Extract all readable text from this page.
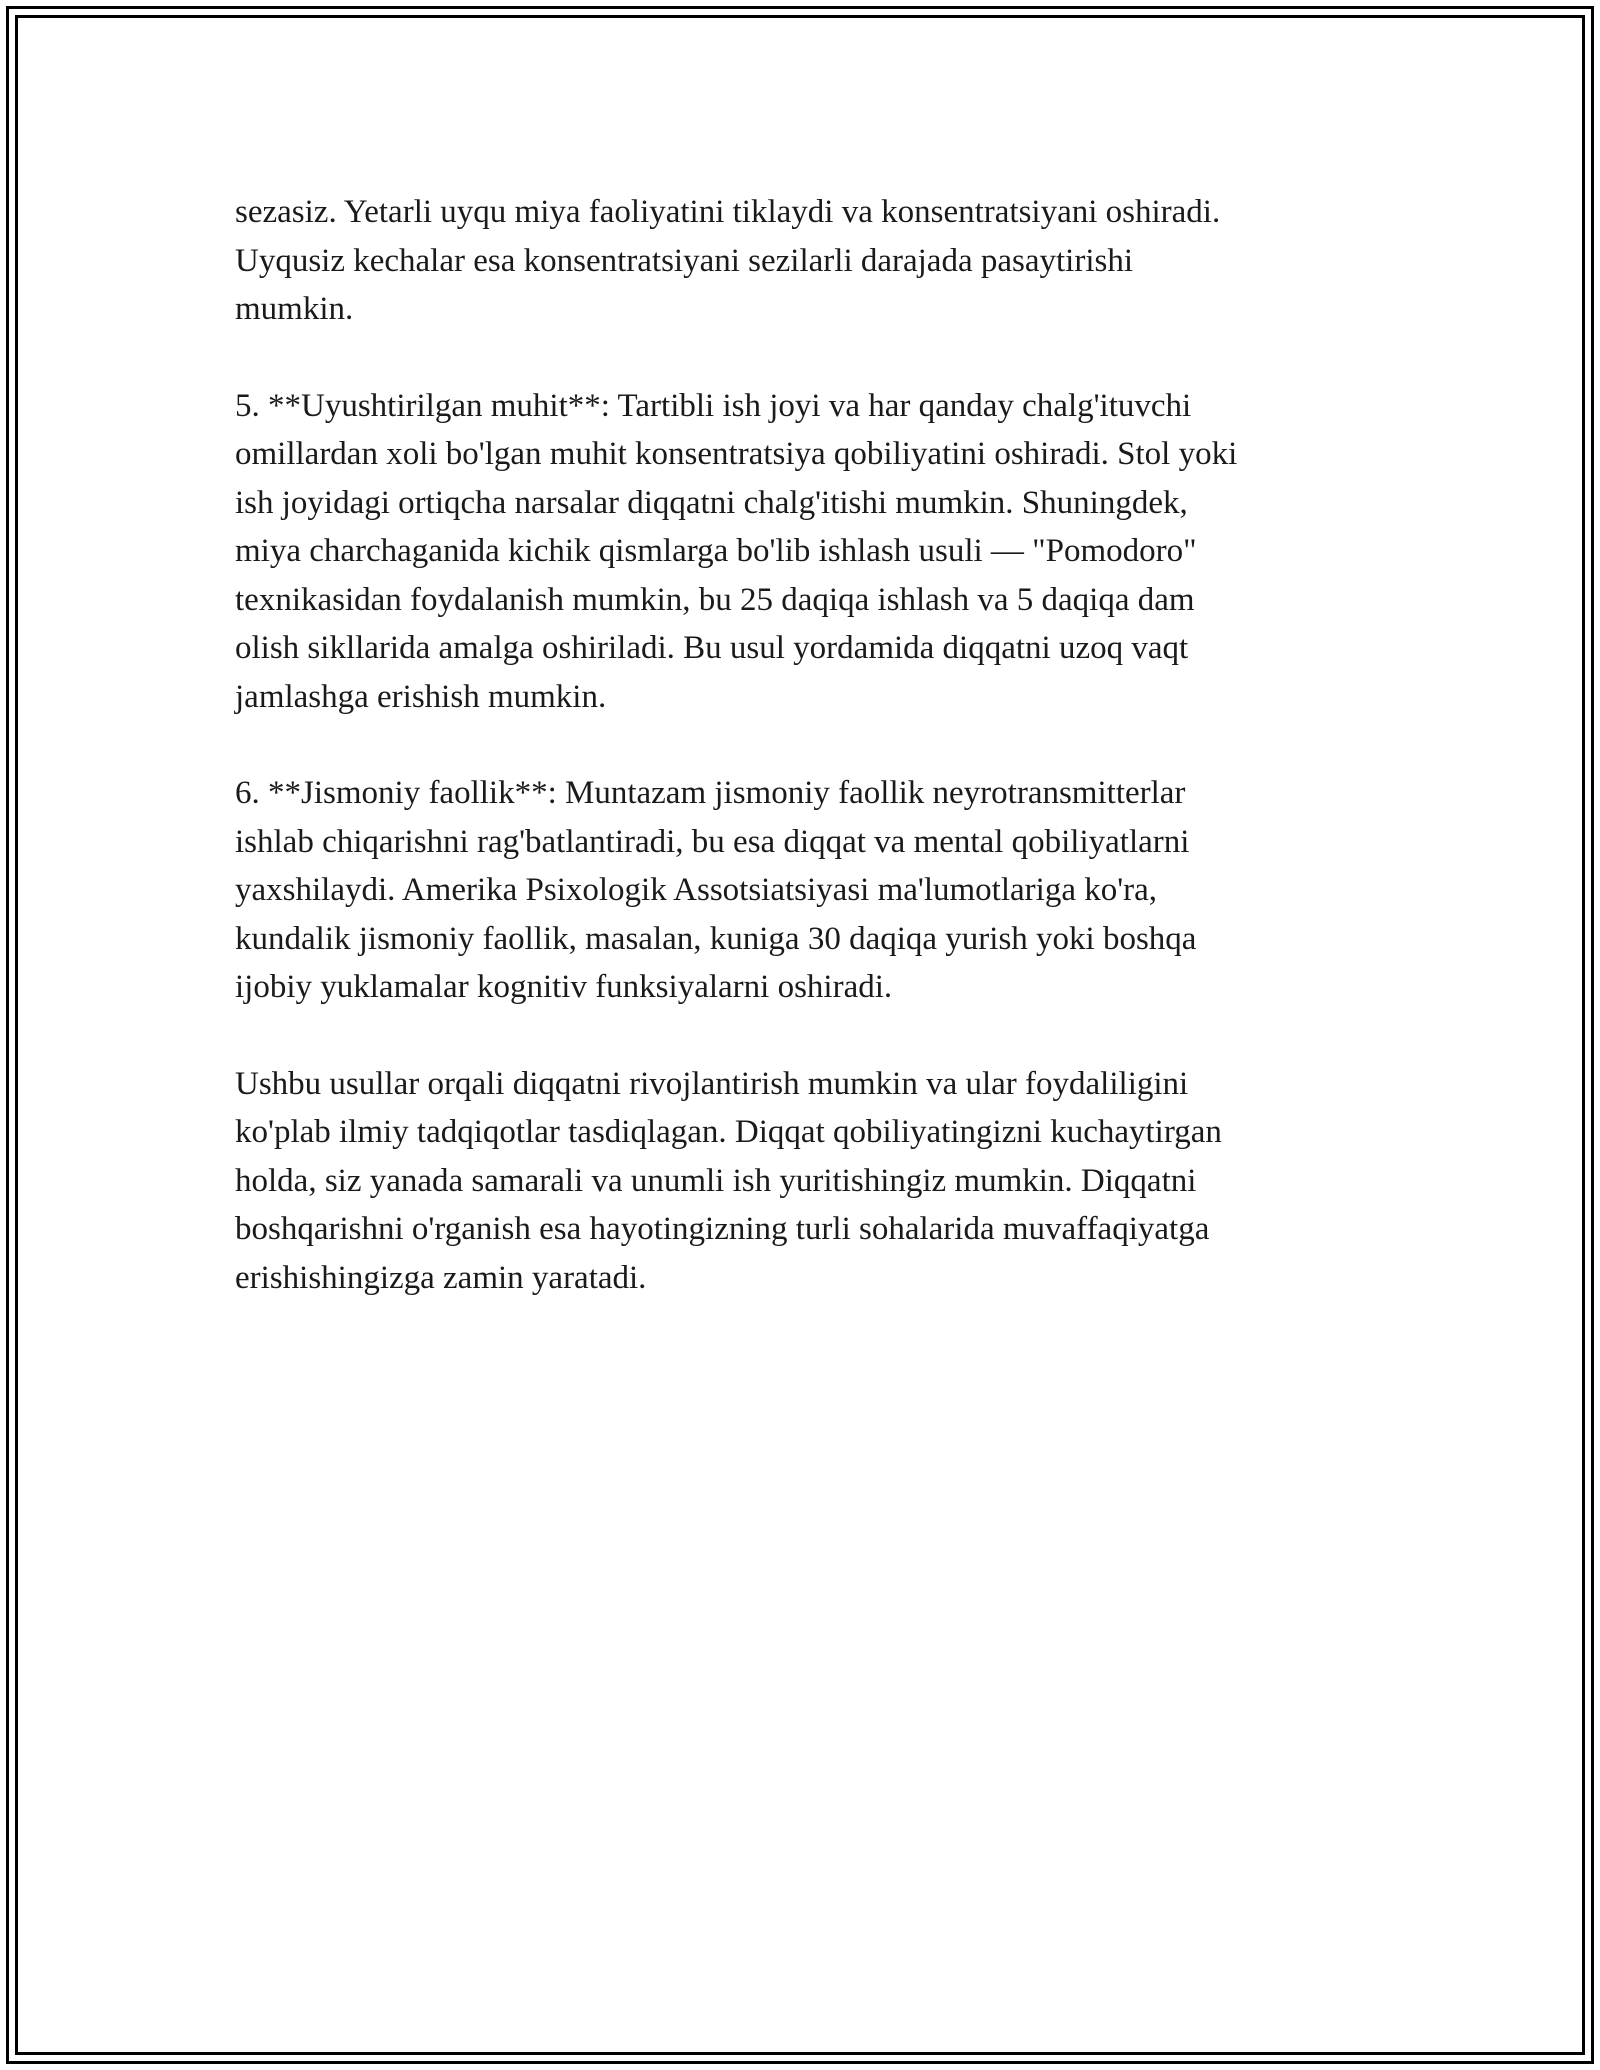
sezasiz. Yetarli uyqu miya faoliyatini tiklaydi va konsentratsiyani oshiradi.
Uyqusiz kechalar esa konsentratsiyani sezilarli darajada pasaytirishi
mumkin.

5. **Uyushtirilgan muhit**: Tartibli ish joyi va har qanday chalg'ituvchi
omillardan xoli bo'lgan muhit konsentratsiya qobiliyatini oshiradi. Stol yoki
ish joyidagi ortiqcha narsalar diqqatni chalg'itishi mumkin. Shuningdek,
miya charchaganida kichik qismlarga bo'lib ishlash usuli — "Pomodoro"
texnikasidan foydalanish mumkin, bu 25 daqiqa ishlash va 5 daqiqa dam
olish sikllarida amalga oshiriladi. Bu usul yordamida diqqatni uzoq vaqt
jamlashga erishish mumkin.

6. **Jismoniy faollik**: Muntazam jismoniy faollik neyrotransmitterlar
ishlab chiqarishni rag'batlantiradi, bu esa diqqat va mental qobiliyatlarni
yaxshilaydi. Amerika Psixologik Assotsiatsiyasi ma'lumotlariga ko'ra,
kundalik jismoniy faollik, masalan, kuniga 30 daqiqa yurish yoki boshqa
ijobiy yuklamalar kognitiv funksiyalarni oshiradi.

Ushbu usullar orqali diqqatni rivojlantirish mumkin va ular foydaliligini
ko'plab ilmiy tadqiqotlar tasdiqlagan. Diqqat qobiliyatingizni kuchaytirgan
holda, siz yanada samarali va unumli ish yuritishingiz mumkin. Diqqatni
boshqarishni o'rganish esa hayotingizning turli sohalarida muvaffaqiyatga
erishishingizga zamin yaratadi.
